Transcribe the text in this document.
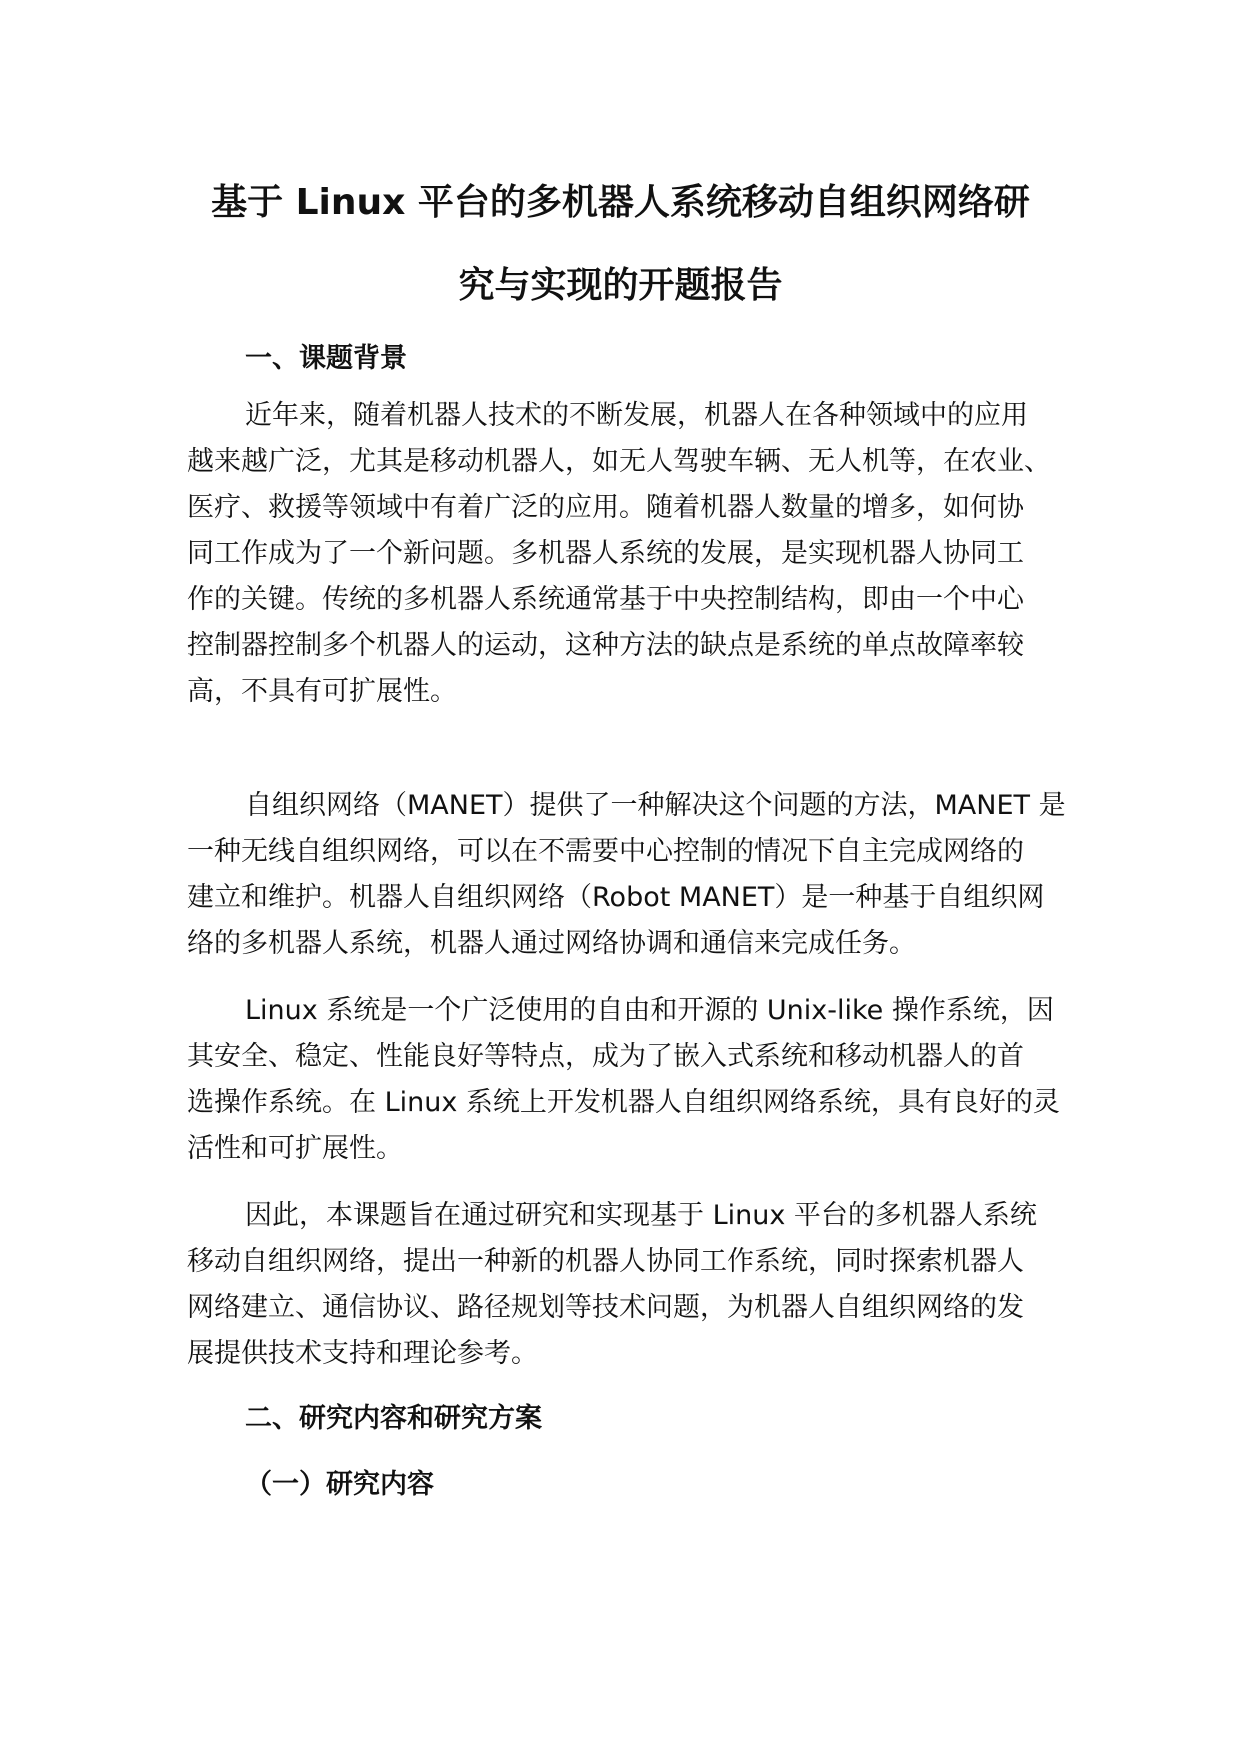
基于 Linux 平台的多机器人系统移动自组织网络研
究与实现的开题报告
一、课题背景
近年来，随着机器人技术的不断发展，机器人在各种领域中的应用
越来越广泛，尤其是移动机器人，如无人驾驶车辆、无人机等，在农业、
医疗、救援等领域中有着广泛的应用。随着机器人数量的增多，如何协
同工作成为了一个新问题。多机器人系统的发展，是实现机器人协同工
作的关键。传统的多机器人系统通常基于中央控制结构，即由一个中心
控制器控制多个机器人的运动，这种方法的缺点是系统的单点故障率较
高，不具有可扩展性。
自组织网络（MANET）提供了一种解决这个问题的方法，MANET 是
一种无线自组织网络，可以在不需要中心控制的情况下自主完成网络的
建立和维护。机器人自组织网络（Robot MANET）是一种基于自组织网
络的多机器人系统，机器人通过网络协调和通信来完成任务。
Linux 系统是一个广泛使用的自由和开源的 Unix-like 操作系统，因
其安全、稳定、性能良好等特点，成为了嵌入式系统和移动机器人的首
选操作系统。在 Linux 系统上开发机器人自组织网络系统，具有良好的灵
活性和可扩展性。
因此，本课题旨在通过研究和实现基于 Linux 平台的多机器人系统
移动自组织网络，提出一种新的机器人协同工作系统，同时探索机器人
网络建立、通信协议、路径规划等技术问题，为机器人自组织网络的发
展提供技术支持和理论参考。
二、研究内容和研究方案
（一）研究内容
